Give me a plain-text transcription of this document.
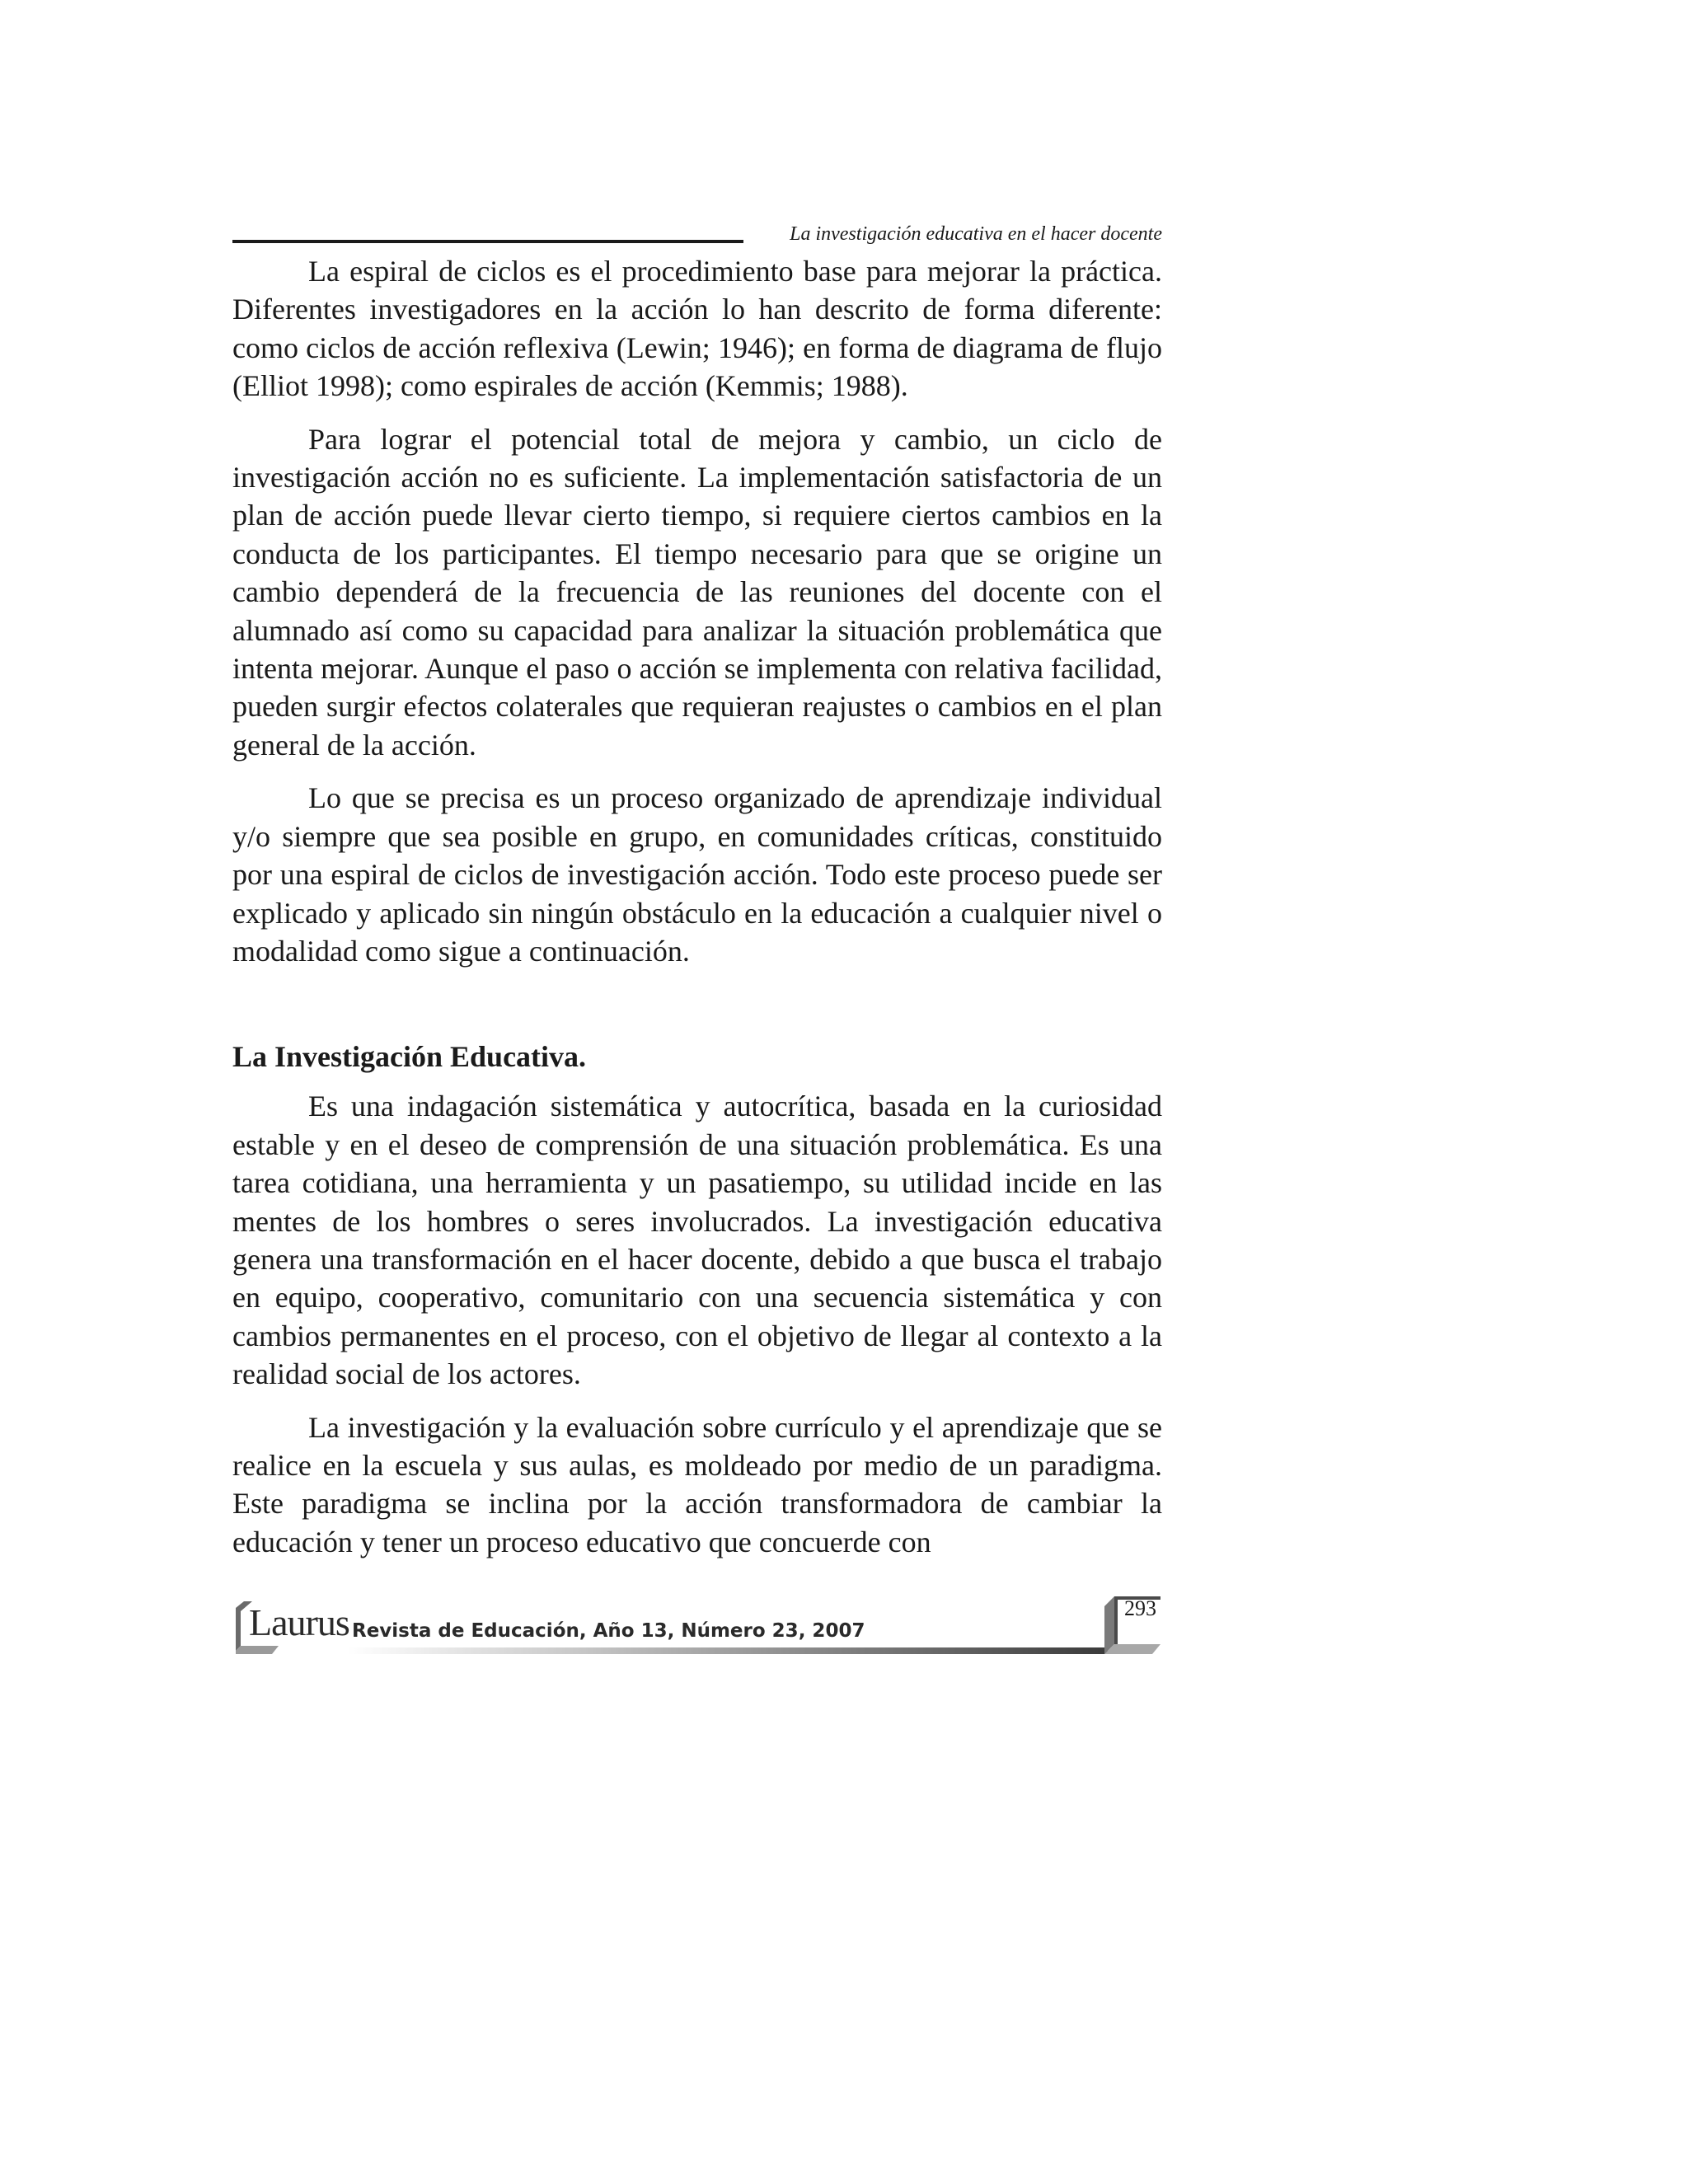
La investigación educativa en el hacer docente

La espiral de ciclos es el procedimiento base para mejorar la práctica. Diferentes investigadores en la acción lo han descrito de forma diferente: como ciclos de acción reflexiva (Lewin; 1946); en forma de diagrama de flujo (Elliot 1998); como espirales de acción (Kemmis; 1988).

Para lograr el potencial total de mejora y cambio, un ciclo de investigación acción no es suficiente. La implementación satisfactoria de un plan de acción puede llevar cierto tiempo, si requiere ciertos cambios en la conducta de los participantes. El tiempo necesario para que se origine un cambio dependerá de la frecuencia de las reuniones del docente con el alumnado así como su capacidad para analizar la situación problemática que intenta mejorar. Aunque el paso o acción se implementa con relativa facilidad, pueden surgir efectos colaterales que requieran reajustes o cambios en el plan general de la acción.

Lo que se precisa es un proceso organizado de aprendizaje individual y/o siempre que sea posible en grupo, en comunidades críticas, constituido por una espiral de ciclos de investigación acción. Todo este proceso puede ser explicado y aplicado sin ningún obstáculo en la educación a cualquier nivel o modalidad como sigue a continuación.

La Investigación Educativa.

Es una indagación sistemática y autocrítica, basada en la curiosidad estable y en el deseo de comprensión de una situación problemática. Es una tarea cotidiana, una herramienta y un pasatiempo, su utilidad incide en las mentes de los hombres o seres involucrados. La investigación educativa genera una transformación en el hacer docente, debido a que busca el trabajo en equipo, cooperativo, comunitario con una secuencia sistemática y con cambios permanentes en el proceso, con el objetivo de llegar al contexto a la realidad social de los actores.

La investigación y la evaluación sobre currículo y el aprendizaje que se realice en la escuela y sus aulas, es moldeado por medio de un paradigma. Este paradigma se inclina por la acción transformadora de cambiar la educación y tener un proceso educativo que concuerde con

Laurus Revista de Educación, Año 13, Número 23, 2007
293
